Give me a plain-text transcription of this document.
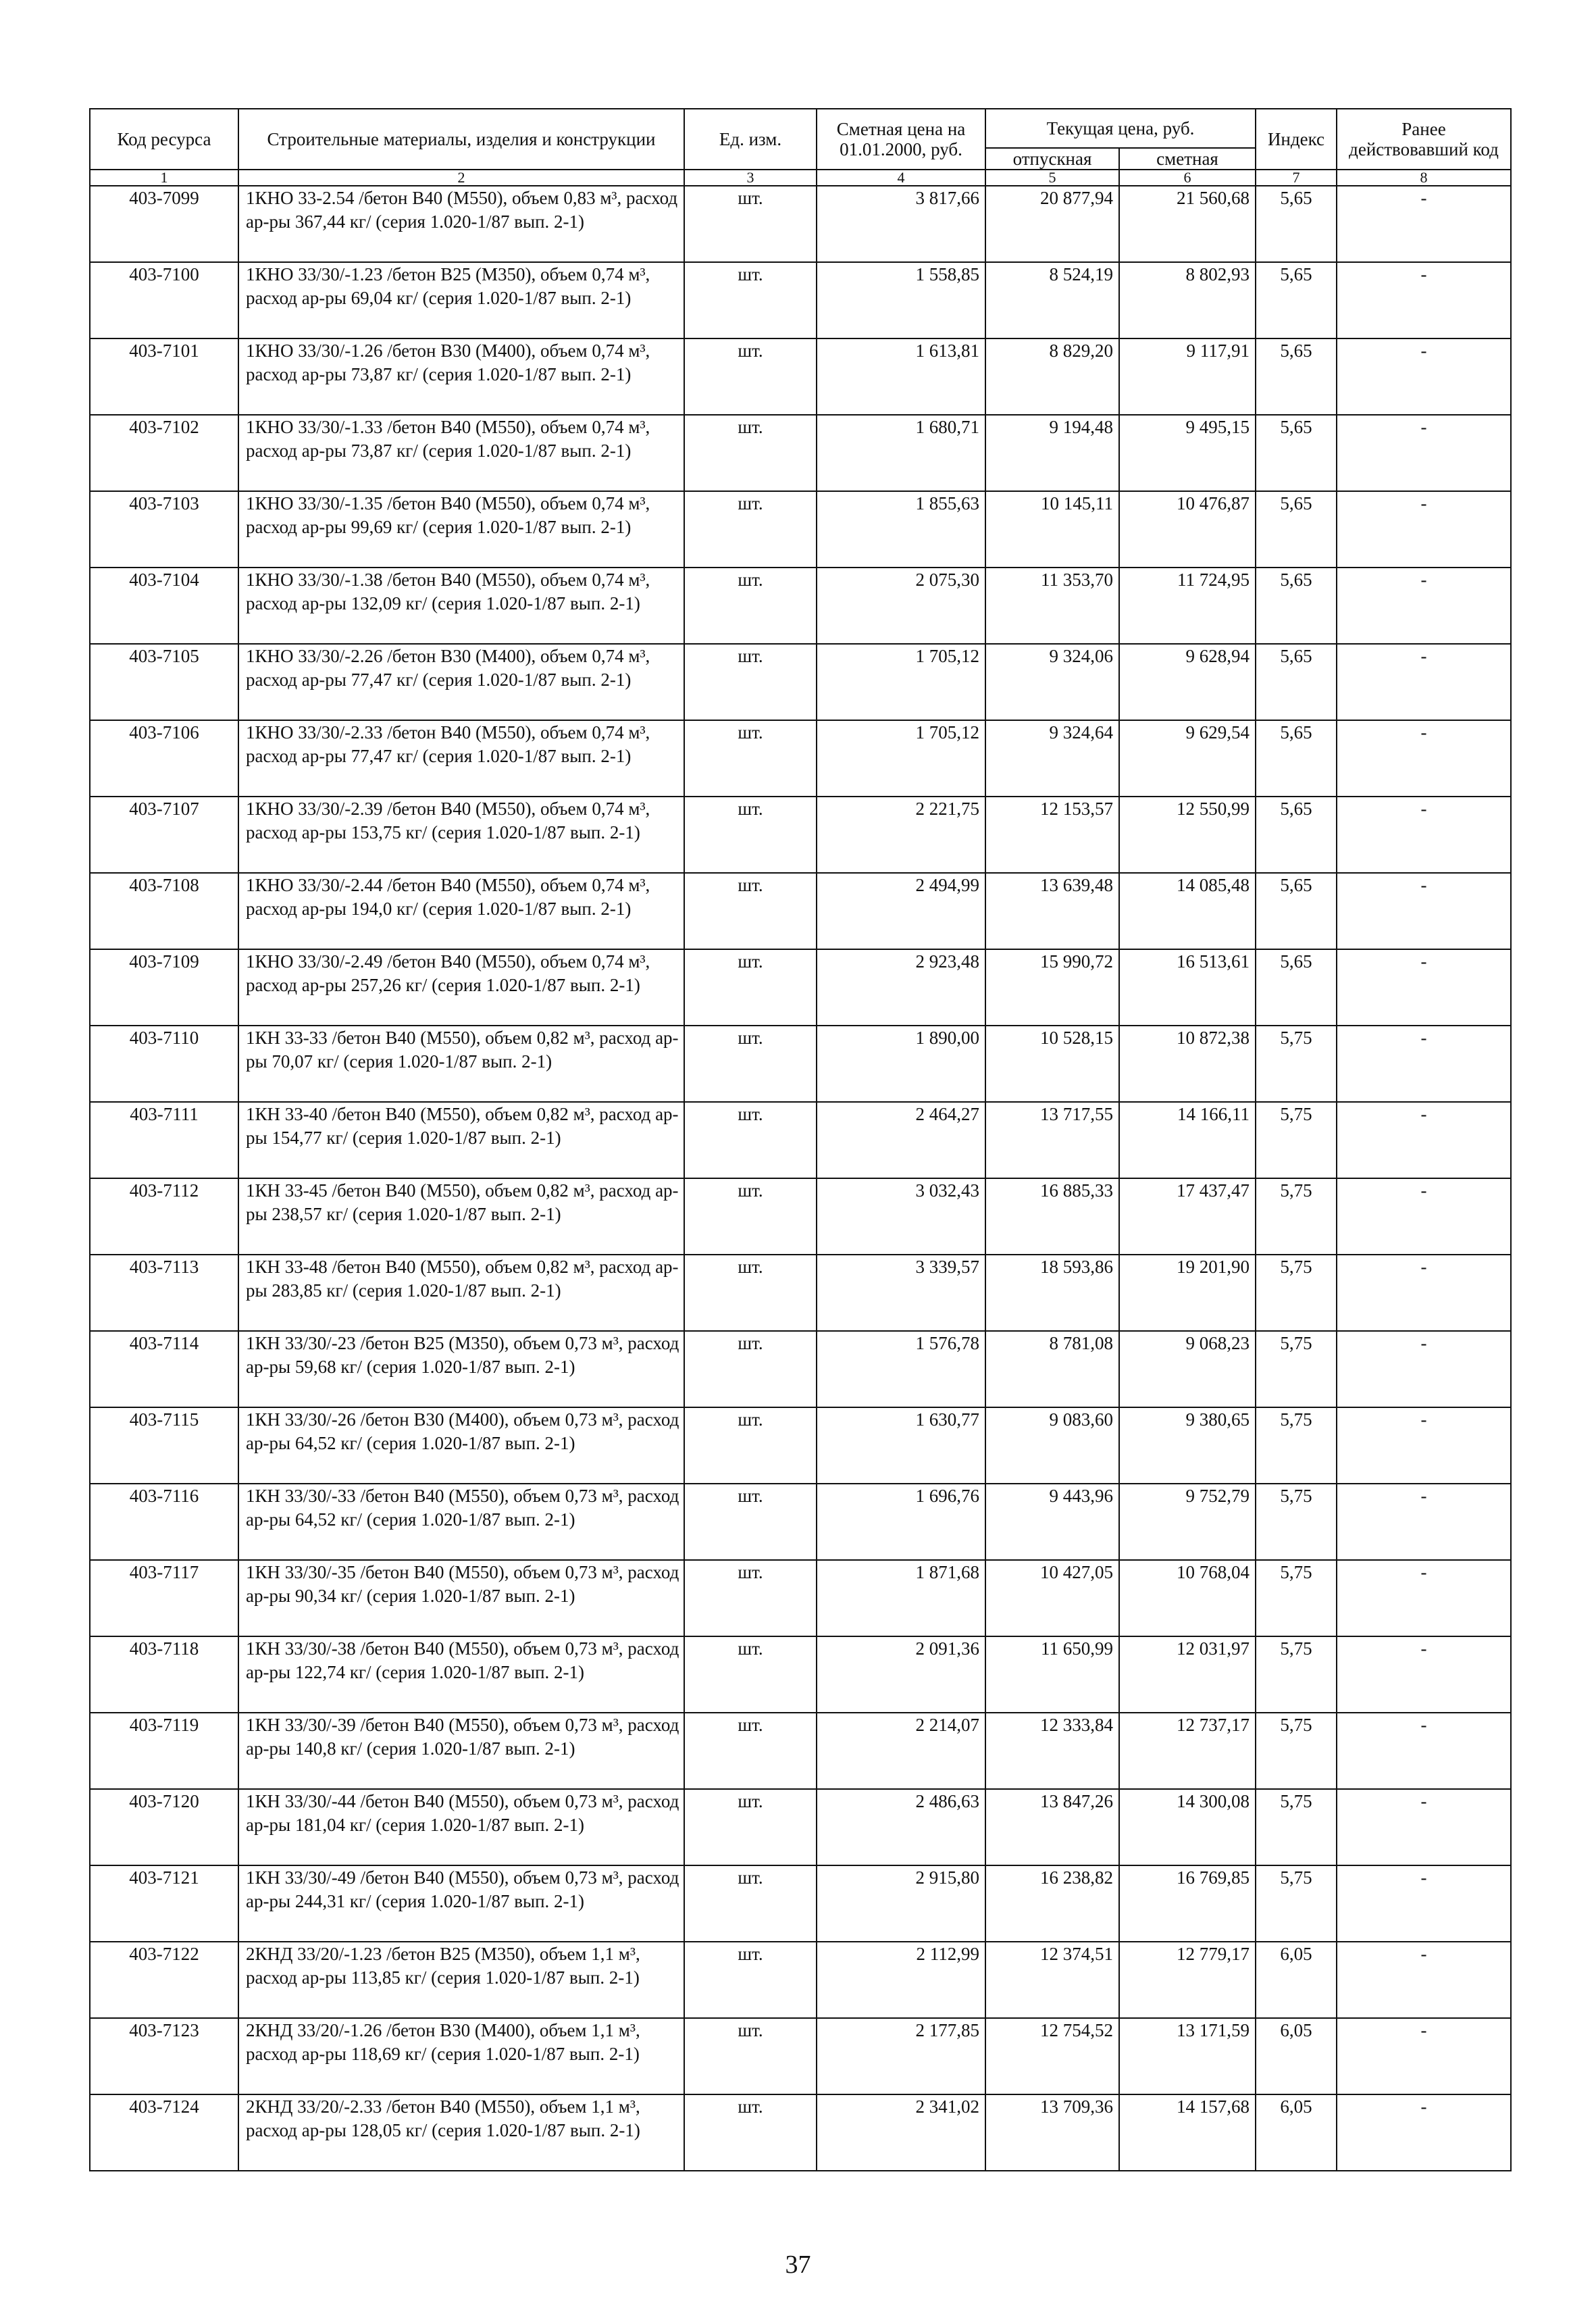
Код ресурса	Строительные материалы, изделия и конструкции	Ед. изм.	Сметная цена на 01.01.2000, руб.	Текущая цена, руб.		Индекс	Ранее действовавший код
				отпускная	сметная		
1	2	3	4	5	6	7	8
403-7099	1КНО 33-2.54 /бетон В40 (М550), объем 0,83 м³, расход ар-ры 367,44 кг/ (серия 1.020-1/87 вып. 2-1)	шт.	3 817,66	20 877,94	21 560,68	5,65	-
403-7100	1КНО 33/30/-1.23 /бетон В25 (М350), объем 0,74 м³, расход ар-ры 69,04 кг/ (серия 1.020-1/87 вып. 2-1)	шт.	1 558,85	8 524,19	8 802,93	5,65	-
403-7101	1КНО 33/30/-1.26 /бетон В30 (М400), объем 0,74 м³, расход ар-ры 73,87 кг/ (серия 1.020-1/87 вып. 2-1)	шт.	1 613,81	8 829,20	9 117,91	5,65	-
403-7102	1КНО 33/30/-1.33 /бетон В40 (М550), объем 0,74 м³, расход ар-ры 73,87 кг/ (серия 1.020-1/87 вып. 2-1)	шт.	1 680,71	9 194,48	9 495,15	5,65	-
403-7103	1КНО 33/30/-1.35 /бетон В40 (М550), объем 0,74 м³, расход ар-ры 99,69 кг/ (серия 1.020-1/87 вып. 2-1)	шт.	1 855,63	10 145,11	10 476,87	5,65	-
403-7104	1КНО 33/30/-1.38 /бетон В40 (М550), объем 0,74 м³, расход ар-ры 132,09 кг/ (серия 1.020-1/87 вып. 2-1)	шт.	2 075,30	11 353,70	11 724,95	5,65	-
403-7105	1КНО 33/30/-2.26 /бетон В30 (М400), объем 0,74 м³, расход ар-ры 77,47 кг/ (серия 1.020-1/87 вып. 2-1)	шт.	1 705,12	9 324,06	9 628,94	5,65	-
403-7106	1КНО 33/30/-2.33 /бетон В40 (М550), объем 0,74 м³, расход ар-ры 77,47 кг/ (серия 1.020-1/87 вып. 2-1)	шт.	1 705,12	9 324,64	9 629,54	5,65	-
403-7107	1КНО 33/30/-2.39 /бетон В40 (М550), объем 0,74 м³, расход ар-ры 153,75 кг/ (серия 1.020-1/87 вып. 2-1)	шт.	2 221,75	12 153,57	12 550,99	5,65	-
403-7108	1КНО 33/30/-2.44 /бетон В40 (М550), объем 0,74 м³, расход ар-ры 194,0 кг/ (серия 1.020-1/87 вып. 2-1)	шт.	2 494,99	13 639,48	14 085,48	5,65	-
403-7109	1КНО 33/30/-2.49 /бетон В40 (М550), объем 0,74 м³, расход ар-ры 257,26 кг/ (серия 1.020-1/87 вып. 2-1)	шт.	2 923,48	15 990,72	16 513,61	5,65	-
403-7110	1КН 33-33 /бетон В40 (М550), объем 0,82 м³, расход ар-ры 70,07 кг/ (серия 1.020-1/87 вып. 2-1)	шт.	1 890,00	10 528,15	10 872,38	5,75	-
403-7111	1КН 33-40 /бетон В40 (М550), объем 0,82 м³, расход ар-ры 154,77 кг/ (серия 1.020-1/87 вып. 2-1)	шт.	2 464,27	13 717,55	14 166,11	5,75	-
403-7112	1КН 33-45 /бетон В40 (М550), объем 0,82 м³, расход ар-ры 238,57 кг/ (серия 1.020-1/87 вып. 2-1)	шт.	3 032,43	16 885,33	17 437,47	5,75	-
403-7113	1КН 33-48 /бетон В40 (М550), объем 0,82 м³, расход ар-ры 283,85 кг/ (серия 1.020-1/87 вып. 2-1)	шт.	3 339,57	18 593,86	19 201,90	5,75	-
403-7114	1КН 33/30/-23 /бетон В25 (М350), объем 0,73 м³, расход ар-ры 59,68 кг/ (серия 1.020-1/87 вып. 2-1)	шт.	1 576,78	8 781,08	9 068,23	5,75	-
403-7115	1КН 33/30/-26 /бетон В30 (М400), объем 0,73 м³, расход ар-ры 64,52 кг/ (серия 1.020-1/87 вып. 2-1)	шт.	1 630,77	9 083,60	9 380,65	5,75	-
403-7116	1КН 33/30/-33 /бетон В40 (М550), объем 0,73 м³, расход ар-ры 64,52 кг/ (серия 1.020-1/87 вып. 2-1)	шт.	1 696,76	9 443,96	9 752,79	5,75	-
403-7117	1КН 33/30/-35 /бетон В40 (М550), объем 0,73 м³, расход ар-ры 90,34 кг/ (серия 1.020-1/87 вып. 2-1)	шт.	1 871,68	10 427,05	10 768,04	5,75	-
403-7118	1КН 33/30/-38 /бетон В40 (М550), объем 0,73 м³, расход ар-ры 122,74 кг/ (серия 1.020-1/87 вып. 2-1)	шт.	2 091,36	11 650,99	12 031,97	5,75	-
403-7119	1КН 33/30/-39 /бетон В40 (М550), объем 0,73 м³, расход ар-ры 140,8 кг/ (серия 1.020-1/87 вып. 2-1)	шт.	2 214,07	12 333,84	12 737,17	5,75	-
403-7120	1КН 33/30/-44 /бетон В40 (М550), объем 0,73 м³, расход ар-ры 181,04 кг/ (серия 1.020-1/87 вып. 2-1)	шт.	2 486,63	13 847,26	14 300,08	5,75	-
403-7121	1КН 33/30/-49 /бетон В40 (М550), объем 0,73 м³, расход ар-ры 244,31 кг/ (серия 1.020-1/87 вып. 2-1)	шт.	2 915,80	16 238,82	16 769,85	5,75	-
403-7122	2КНД 33/20/-1.23 /бетон В25 (М350), объем 1,1 м³, расход ар-ры 113,85 кг/ (серия 1.020-1/87 вып. 2-1)	шт.	2 112,99	12 374,51	12 779,17	6,05	-
403-7123	2КНД 33/20/-1.26 /бетон В30 (М400), объем 1,1 м³, расход ар-ры 118,69 кг/ (серия 1.020-1/87 вып. 2-1)	шт.	2 177,85	12 754,52	13 171,59	6,05	-
403-7124	2КНД 33/20/-2.33 /бетон В40 (М550), объем 1,1 м³, расход ар-ры 128,05 кг/ (серия 1.020-1/87 вып. 2-1)	шт.	2 341,02	13 709,36	14 157,68	6,05	-
37
